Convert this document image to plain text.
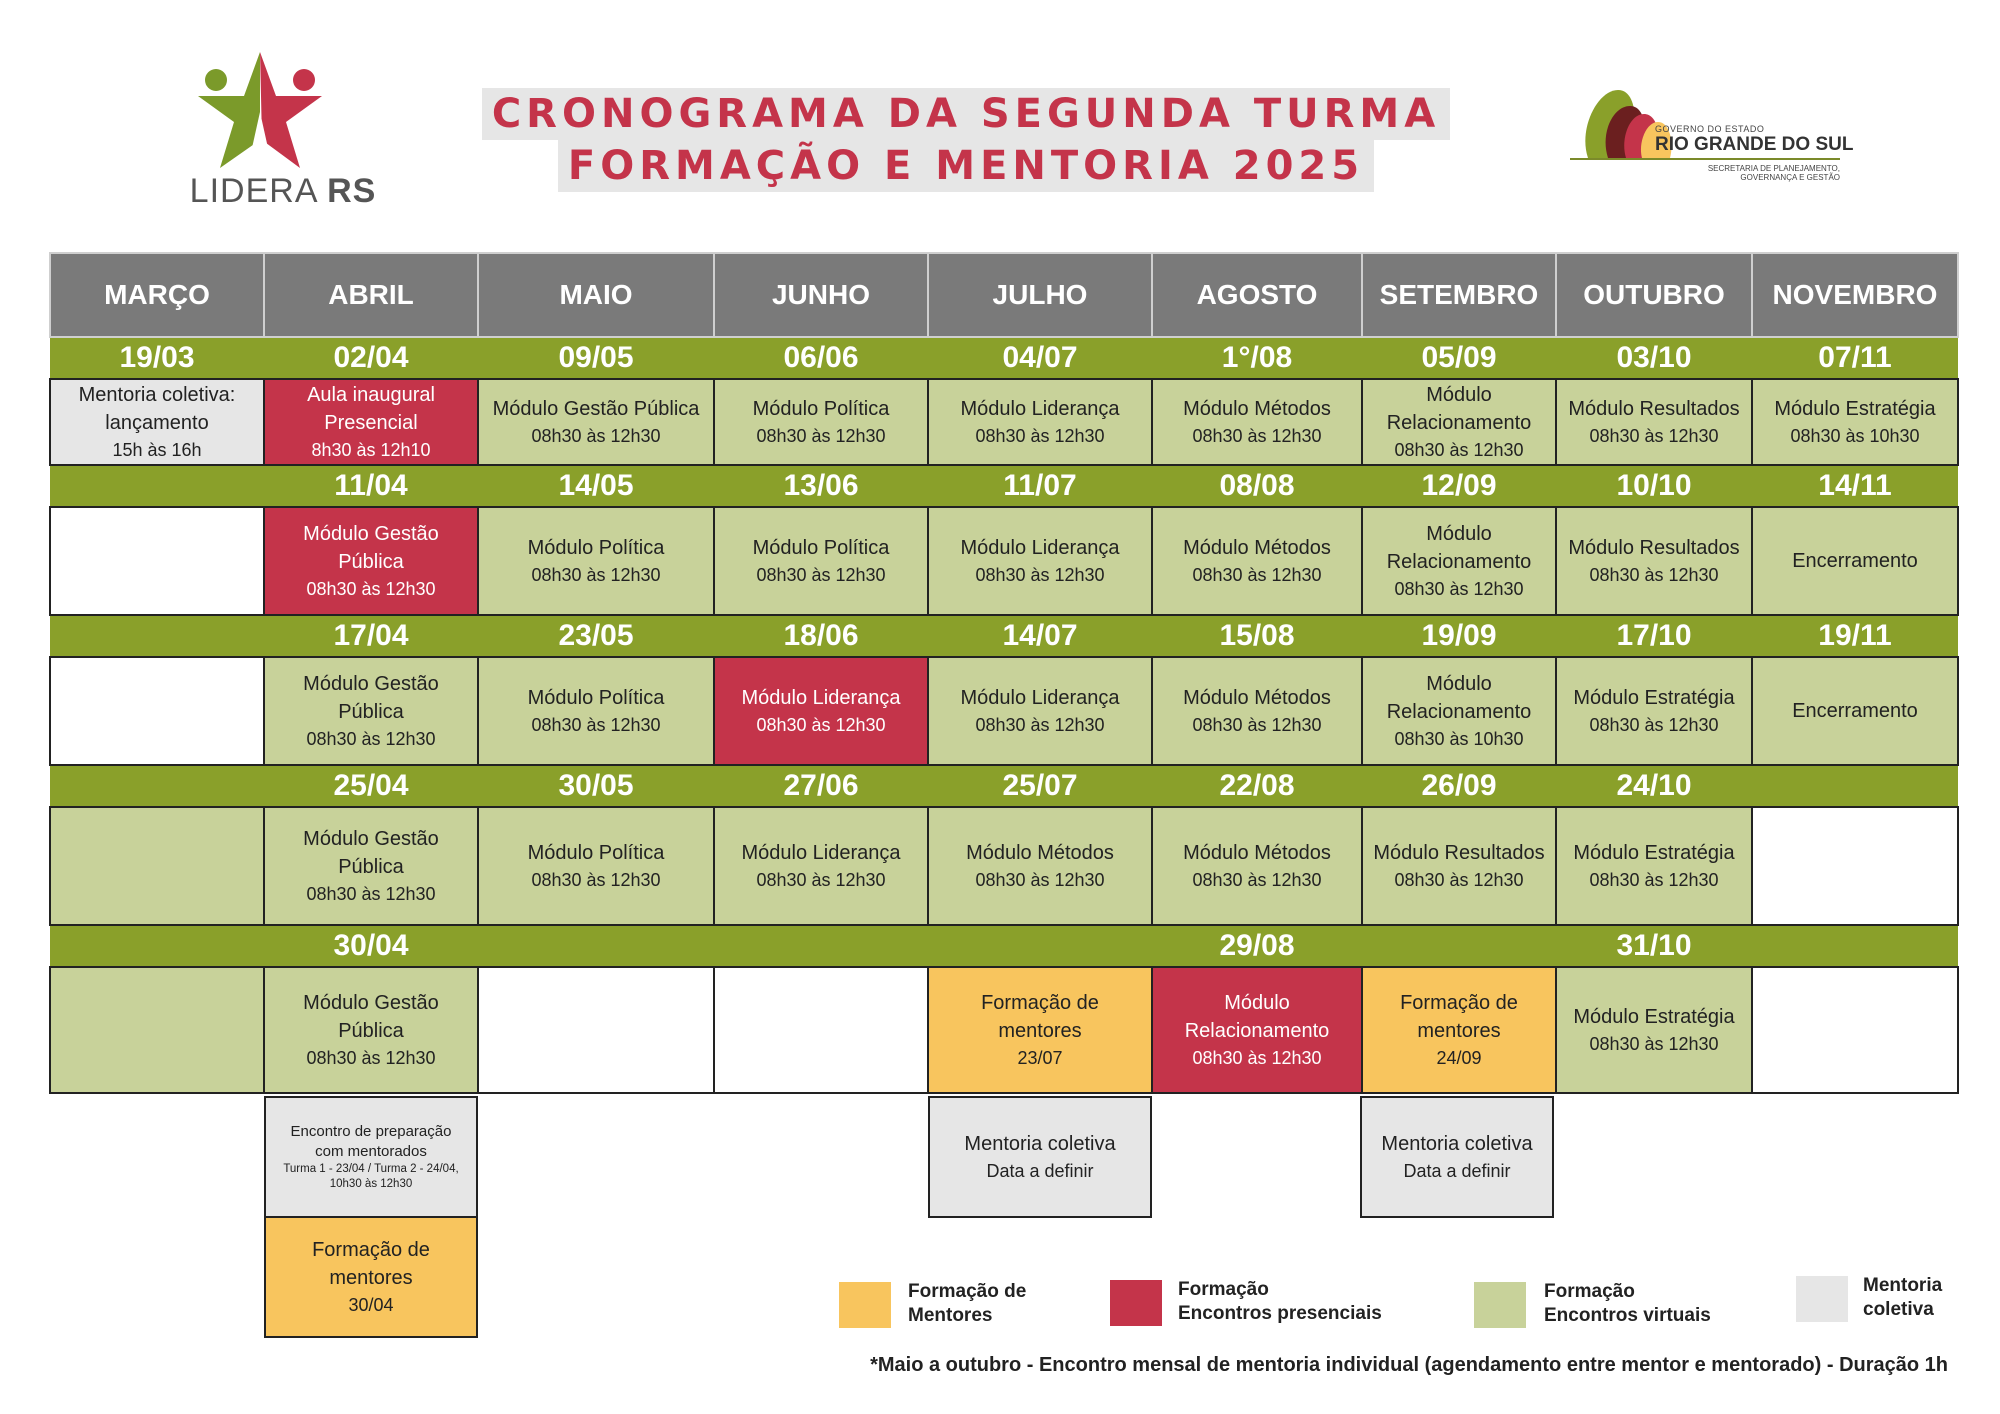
LIDERA RS
CRONOGRAMA DA SEGUNDA TURMA
FORMAÇÃO E MENTORIA 2025
GOVERNO DO ESTADO
RIO GRANDE DO SUL
SECRETARIA DE PLANEJAMENTO,
GOVERNANÇA E GESTÃO
MARÇO	ABRIL	MAIO	JUNHO	JULHO	AGOSTO	SETEMBRO	OUTUBRO	NOVEMBRO
19/03	02/04	09/05	06/06	04/07	1°/08	05/09	03/10	07/11

Mentoria coletiva:
lançamento
15h às 16h	Aula inaugural
Presencial
8h30 às 12h10	Módulo Gestão Pública
08h30 às 12h30	Módulo Política
08h30 às 12h30	Módulo Liderança
08h30 às 12h30	Módulo Métodos
08h30 às 12h30	Módulo
Relacionamento
08h30 às 12h30	Módulo Resultados
08h30 às 12h30	Módulo Estratégia
08h30 às 10h30

	11/04	14/05	13/06	11/07	08/08	12/09	10/10	14/11

	Módulo Gestão
Pública
08h30 às 12h30	Módulo Política
08h30 às 12h30	Módulo Política
08h30 às 12h30	Módulo Liderança
08h30 às 12h30	Módulo Métodos
08h30 às 12h30	Módulo
Relacionamento
08h30 às 12h30	Módulo Resultados
08h30 às 12h30	Encerramento

	17/04	23/05	18/06	14/07	15/08	19/09	17/10	19/11

	Módulo Gestão
Pública
08h30 às 12h30	Módulo Política
08h30 às 12h30	Módulo Liderança
08h30 às 12h30	Módulo Liderança
08h30 às 12h30	Módulo Métodos
08h30 às 12h30	Módulo
Relacionamento
08h30 às 10h30	Módulo Estratégia
08h30 às 12h30	Encerramento

	25/04	30/05	27/06	25/07	22/08	26/09	24/10	

	Módulo Gestão
Pública
08h30 às 12h30	Módulo Política
08h30 às 12h30	Módulo Liderança
08h30 às 12h30	Módulo Métodos
08h30 às 12h30	Módulo Métodos
08h30 às 12h30	Módulo Resultados
08h30 às 12h30	Módulo Estratégia
08h30 às 12h30	

	30/04				29/08		31/10	

	Módulo Gestão
Pública
08h30 às 12h30			Formação de
mentores
23/07	Módulo
Relacionamento
08h30 às 12h30	Formação de
mentores
24/09	Módulo Estratégia
08h30 às 12h30	

Encontro de preparação
com mentorados
Turma 1 - 23/04 / Turma 2 - 24/04,
10h30 às 12h30
Formação de
mentores
30/04
Mentoria coletiva
Data a definir
Mentoria coletiva
Data a definir
Formação de
Mentores
Formação
Encontros presenciais
Formação
Encontros virtuais
Mentoria
coletiva
*Maio a outubro - Encontro mensal de mentoria individual (agendamento entre mentor e mentorado) - Duração 1h
